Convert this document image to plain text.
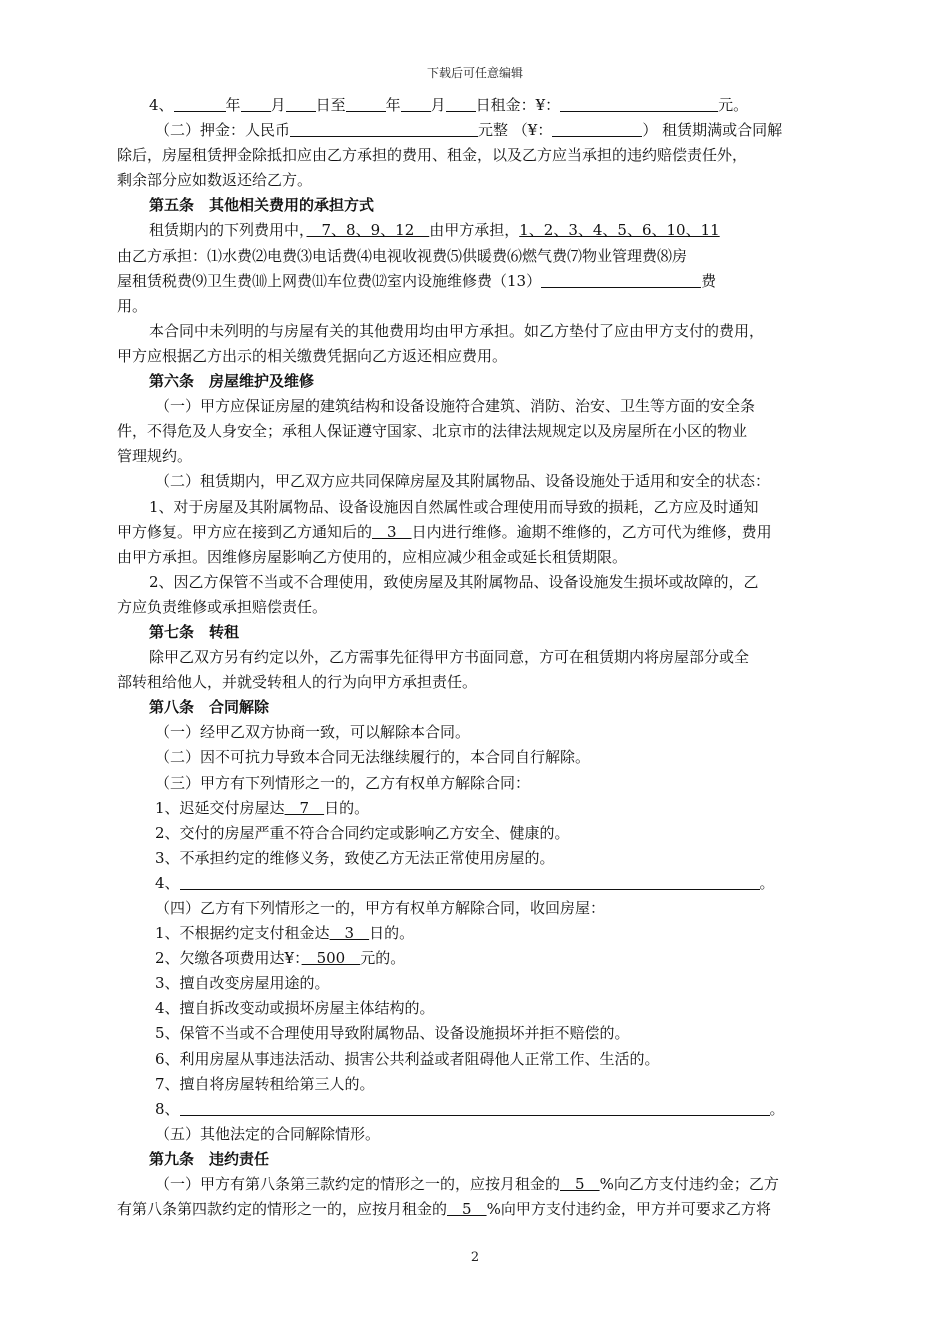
下载后可任意编辑
4、	年 月 日至	年 月 日租金：¥：	元。
（二）押金：人民币	元整 （¥：	） 租赁期满或合同解
除后，房屋租赁押金除抵扣应由乙方承担的费用、租金，以及乙方应当承担的违约赔偿责任外，
剩余部分应如数返还给乙方。
第五条　其他相关费用的承担方式
租赁期内的下列费用中，　7、8、9、12　由甲方承担，1、2、3、4、5、6、10、11
由乙方承担：⑴水费⑵电费⑶电话费⑷电视收视费⑸供暖费⑹燃气费⑺物业管理费⑻房
屋租赁税费⑼卫生费⑽上网费⑾车位费⑿室内设施维修费（13）	费
用。
本合同中未列明的与房屋有关的其他费用均由甲方承担。如乙方垫付了应由甲方支付的费用，
甲方应根据乙方出示的相关缴费凭据向乙方返还相应费用。
第六条　房屋维护及维修
（一）甲方应保证房屋的建筑结构和设备设施符合建筑、消防、治安、卫生等方面的安全条
件，不得危及人身安全；承租人保证遵守国家、北京市的法律法规规定以及房屋所在小区的物业
管理规约。
（二）租赁期内，甲乙双方应共同保障房屋及其附属物品、设备设施处于适用和安全的状态：
1、对于房屋及其附属物品、设备设施因自然属性或合理使用而导致的损耗，乙方应及时通知
甲方修复。甲方应在接到乙方通知后的　3　日内进行维修。逾期不维修的，乙方可代为维修，费用
由甲方承担。因维修房屋影响乙方使用的，应相应减少租金或延长租赁期限。
2、因乙方保管不当或不合理使用，致使房屋及其附属物品、设备设施发生损坏或故障的，乙
方应负责维修或承担赔偿责任。
第七条　转租
除甲乙双方另有约定以外，乙方需事先征得甲方书面同意，方可在租赁期内将房屋部分或全
部转租给他人，并就受转租人的行为向甲方承担责任。
第八条　合同解除
（一）经甲乙双方协商一致，可以解除本合同。
（二）因不可抗力导致本合同无法继续履行的，本合同自行解除。
（三）甲方有下列情形之一的，乙方有权单方解除合同：
1、迟延交付房屋达　7　日的。
2、交付的房屋严重不符合合同约定或影响乙方安全、健康的。
3、不承担约定的维修义务，致使乙方无法正常使用房屋的。
4、	。
（四）乙方有下列情形之一的，甲方有权单方解除合同，收回房屋：
1、不根据约定支付租金达　3　日的。
2、欠缴各项费用达¥：　500　元的。
3、擅自改变房屋用途的。
4、擅自拆改变动或损坏房屋主体结构的。
5、保管不当或不合理使用导致附属物品、设备设施损坏并拒不赔偿的。
6、利用房屋从事违法活动、损害公共利益或者阻碍他人正常工作、生活的。
7、擅自将房屋转租给第三人的。
8、	。
（五）其他法定的合同解除情形。
第九条　违约责任
（一）甲方有第八条第三款约定的情形之一的，应按月租金的　5　%向乙方支付违约金；乙方
有第八条第四款约定的情形之一的，应按月租金的　5　%向甲方支付违约金，甲方并可要求乙方将
2
